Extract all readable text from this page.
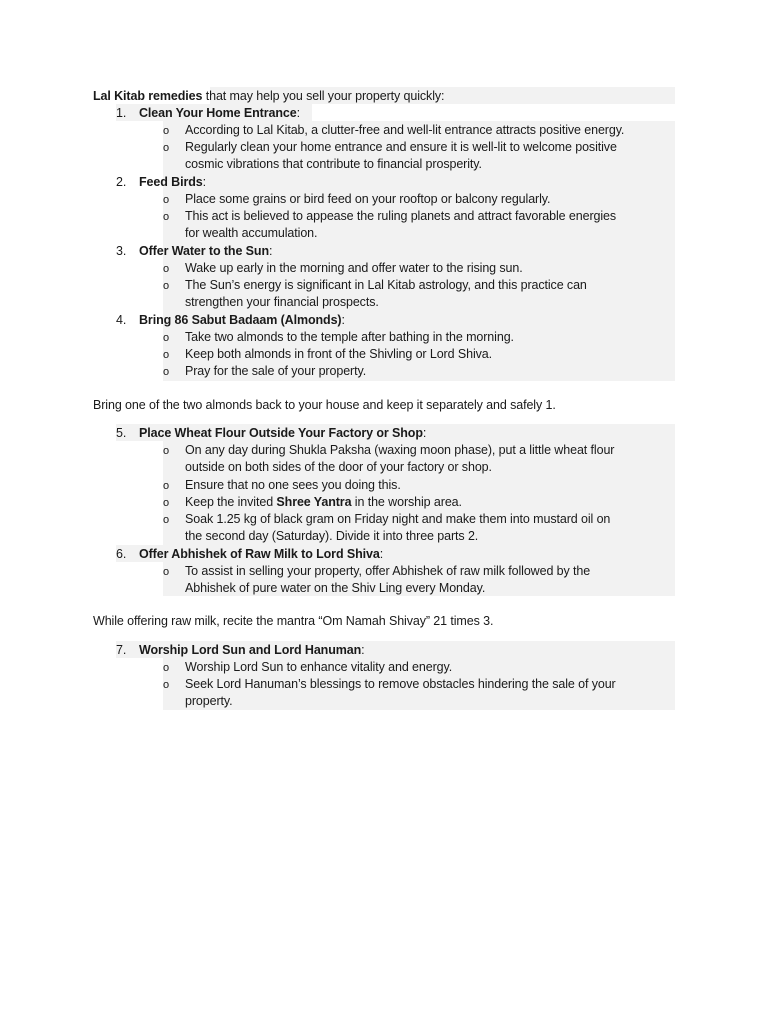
Lal Kitab remedies that may help you sell your property quickly:
1. Clean Your Home Entrance:
o According to Lal Kitab, a clutter-free and well-lit entrance attracts positive energy.
o Regularly clean your home entrance and ensure it is well-lit to welcome positive
cosmic vibrations that contribute to financial prosperity.
2. Feed Birds:
o Place some grains or bird feed on your rooftop or balcony regularly.
o This act is believed to appease the ruling planets and attract favorable energies
for wealth accumulation.
3. Offer Water to the Sun:
o Wake up early in the morning and offer water to the rising sun.
o The Sun’s energy is significant in Lal Kitab astrology, and this practice can
strengthen your financial prospects.
4. Bring 86 Sabut Badaam (Almonds):
o Take two almonds to the temple after bathing in the morning.
o Keep both almonds in front of the Shivling or Lord Shiva.
o Pray for the sale of your property.
Bring one of the two almonds back to your house and keep it separately and safely 1.
5. Place Wheat Flour Outside Your Factory or Shop:
o On any day during Shukla Paksha (waxing moon phase), put a little wheat flour
outside on both sides of the door of your factory or shop.
o Ensure that no one sees you doing this.
o Keep the invited Shree Yantra in the worship area.
o Soak 1.25 kg of black gram on Friday night and make them into mustard oil on
the second day (Saturday). Divide it into three parts 2.
6. Offer Abhishek of Raw Milk to Lord Shiva:
o To assist in selling your property, offer Abhishek of raw milk followed by the
Abhishek of pure water on the Shiv Ling every Monday.
While offering raw milk, recite the mantra “Om Namah Shivay” 21 times 3.
7. Worship Lord Sun and Lord Hanuman:
o Worship Lord Sun to enhance vitality and energy.
o Seek Lord Hanuman’s blessings to remove obstacles hindering the sale of your
property.
